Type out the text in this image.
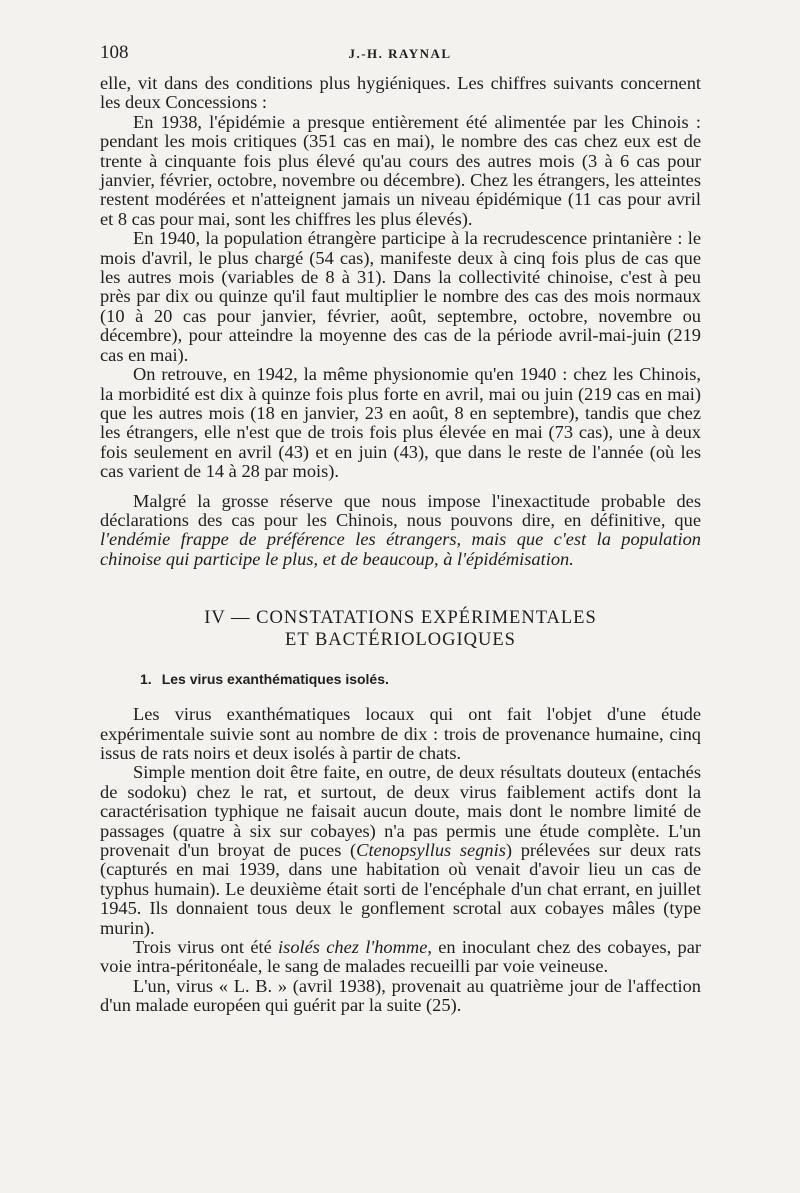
108	J.-H. RAYNAL

elle, vit dans des conditions plus hygiéniques. Les chiffres suivants concernent les deux Concessions :

En 1938, l'épidémie a presque entièrement été alimentée par les Chinois : pendant les mois critiques (351 cas en mai), le nombre des cas chez eux est de trente à cinquante fois plus élevé qu'au cours des autres mois (3 à 6 cas pour janvier, février, octobre, novembre ou décembre). Chez les étrangers, les atteintes restent modérées et n'atteignent jamais un niveau épidémique (11 cas pour avril et 8 cas pour mai, sont les chiffres les plus élevés).

En 1940, la population étrangère participe à la recrudescence printanière : le mois d'avril, le plus chargé (54 cas), manifeste deux à cinq fois plus de cas que les autres mois (variables de 8 à 31). Dans la collectivité chinoise, c'est à peu près par dix ou quinze qu'il faut multiplier le nombre des cas des mois normaux (10 à 20 cas pour janvier, février, août, septembre, octobre, novembre ou décembre), pour atteindre la moyenne des cas de la période avril-mai-juin (219 cas en mai).

On retrouve, en 1942, la même physionomie qu'en 1940 : chez les Chinois, la morbidité est dix à quinze fois plus forte en avril, mai ou juin (219 cas en mai) que les autres mois (18 en janvier, 23 en août, 8 en septembre), tandis que chez les étrangers, elle n'est que de trois fois plus élevée en mai (73 cas), une à deux fois seulement en avril (43) et en juin (43), que dans le reste de l'année (où les cas varient de 14 à 28 par mois).

Malgré la grosse réserve que nous impose l'inexactitude probable des déclarations des cas pour les Chinois, nous pouvons dire, en définitive, que l'endémie frappe de préférence les étrangers, mais que c'est la population chinoise qui participe le plus, et de beaucoup, à l'épidémisation.

IV — CONSTATATIONS EXPÉRIMENTALES
ET BACTÉRIOLOGIQUES
1. Les virus exanthématiques isolés.

Les virus exanthématiques locaux qui ont fait l'objet d'une étude expérimentale suivie sont au nombre de dix : trois de provenance humaine, cinq issus de rats noirs et deux isolés à partir de chats.

Simple mention doit être faite, en outre, de deux résultats douteux (entachés de sodoku) chez le rat, et surtout, de deux virus faiblement actifs dont la caractérisation typhique ne faisait aucun doute, mais dont le nombre limité de passages (quatre à six sur cobayes) n'a pas permis une étude complète. L'un provenait d'un broyat de puces (Ctenopsyllus segnis) prélevées sur deux rats (capturés en mai 1939, dans une habitation où venait d'avoir lieu un cas de typhus humain). Le deuxième était sorti de l'encéphale d'un chat errant, en juillet 1945. Ils donnaient tous deux le gonflement scrotal aux cobayes mâles (type murin).

Trois virus ont été isolés chez l'homme, en inoculant chez des cobayes, par voie intra-péritonéale, le sang de malades recueilli par voie veineuse.

L'un, virus « L. B. » (avril 1938), provenait au quatrième jour de l'affection d'un malade européen qui guérit par la suite (25).
